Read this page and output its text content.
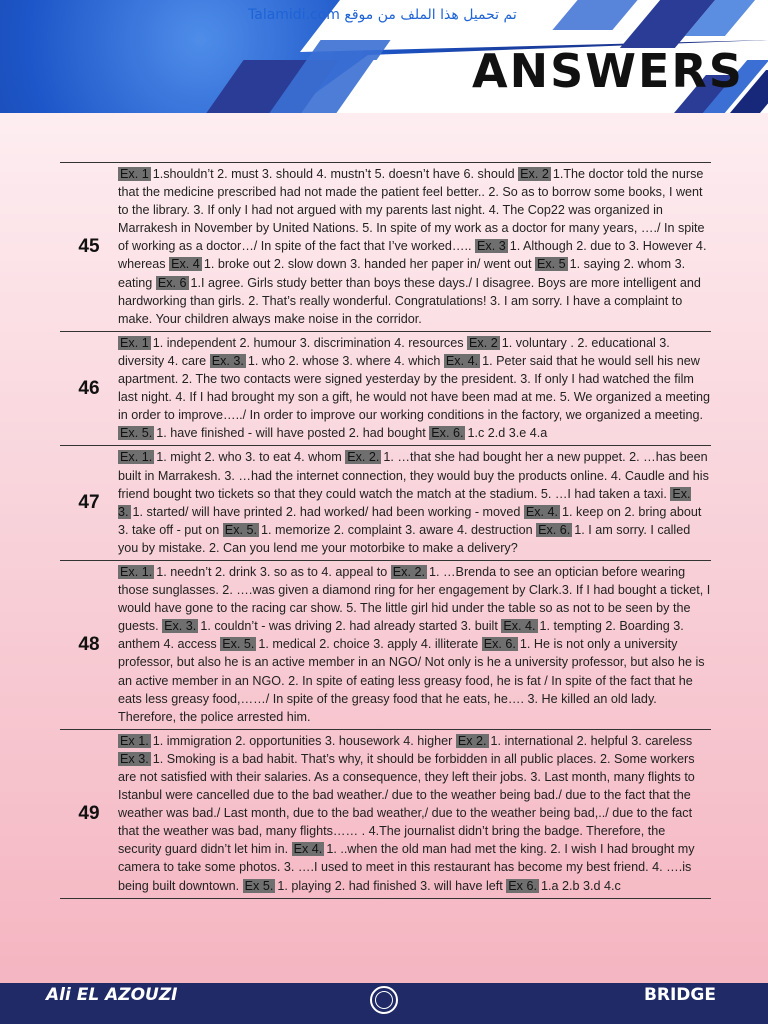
Talamidi.com تم تحميل هذا الملف من موقع
ANSWERS
45
Ex. 1 1.shouldn’t 2. must 3. should 4. mustn’t 5. doesn’t have 6. should Ex. 2 1.The doctor told the nurse that the medicine prescribed had not made the patient feel better.. 2. So as to borrow some books, I went to the library. 3. If only I had not argued with my parents last night. 4. The Cop22 was organized in Marrakesh in November by United Nations. 5. In spite of my work as a doctor for many years, …./ In spite of working as a doctor…/ In spite of the fact that I’ve worked….. Ex. 3 1. Although 2. due to 3. However 4. whereas Ex. 4 1. broke out 2. slow down 3. handed her paper in/ went out Ex. 5 1. saying 2. whom 3. eating Ex. 6 1.I agree. Girls study better than boys these days./ I disagree. Boys are more intelligent and hardworking than girls. 2. That’s really wonderful. Congratulations! 3. I am sorry. I have a complaint to make. Your children always make noise in the corridor.
46
Ex. 1 1. independent 2. humour 3. discrimination 4. resources Ex. 2 1. voluntary . 2. educational 3. diversity 4. care Ex. 3. 1. who 2. whose 3. where 4. which Ex. 4. 1. Peter said that he would sell his new apartment. 2. The two contacts were signed yesterday by the president. 3. If only I had watched the film last night. 4. If I had brought my son a gift, he would not have been mad at me. 5. We organized a meeting in order to improve…../ In order to improve our working conditions in the factory, we organized a meeting. Ex. 5. 1. have finished - will have posted 2. had bought Ex. 6. 1.c 2.d 3.e 4.a
47
Ex. 1. 1. might 2. who 3. to eat 4. whom Ex. 2. 1. …that she had bought her a new puppet. 2. …has been built in Marrakesh. 3. …had the internet connection, they would buy the products online. 4. Caudle and his friend bought two tickets so that they could watch the match at the stadium. 5. …I had taken a taxi. Ex. 3. 1. started/ will have printed 2. had worked/ had been working - moved Ex. 4. 1. keep on 2. bring about 3. take off - put on Ex. 5. 1. memorize 2. complaint 3. aware 4. destruction Ex. 6. 1. I am sorry. I called you by mistake. 2. Can you lend me your motorbike to make a delivery?
48
Ex. 1. 1. needn’t 2. drink 3. so as to 4. appeal to Ex. 2. 1. …Brenda to see an optician before wearing those sunglasses. 2. ….was given a diamond ring for her engagement by Clark.3. If I had bought a ticket, I would have gone to the racing car show. 5. The little girl hid under the table so as not to be seen by the guests. Ex. 3. 1. couldn’t - was driving 2. had already started 3. built Ex. 4. 1. tempting 2. Boarding 3. anthem 4. access Ex. 5. 1. medical 2. choice 3. apply 4. illiterate Ex. 6. 1. He is not only a university professor, but also he is an active member in an NGO/ Not only is he a university professor, but also he is an active member in an NGO. 2. In spite of eating less greasy food, he is fat / In spite of the fact that he eats less greasy food,……/ In spite of the greasy food that he eats, he…. 3. He killed an old lady. Therefore, the police arrested him.
49
Ex 1. 1. immigration 2. opportunities 3. housework 4. higher Ex 2. 1. international 2. helpful 3. careless Ex 3. 1. Smoking is a bad habit. That’s why, it should be forbidden in all public places. 2. Some workers are not satisfied with their salaries. As a consequence, they left their jobs. 3. Last month, many flights to Istanbul were cancelled due to the bad weather./ due to the weather being bad./ due to the fact that the weather was bad./ Last month, due to the bad weather,/ due to the weather being bad,../ due to the fact that the weather was bad, many flights…… . 4.The journalist didn’t bring the badge. Therefore, the security guard didn’t let him in. Ex 4. 1. ..when the old man had met the king. 2. I wish I had brought my camera to take some photos. 3. ….I used to meet in this restaurant has become my best friend. 4. ….is being built downtown. Ex 5. 1. playing 2. had finished 3. will have left Ex 6. 1.a 2.b 3.d 4.c
Ali EL AZOUZI	BRIDGE
